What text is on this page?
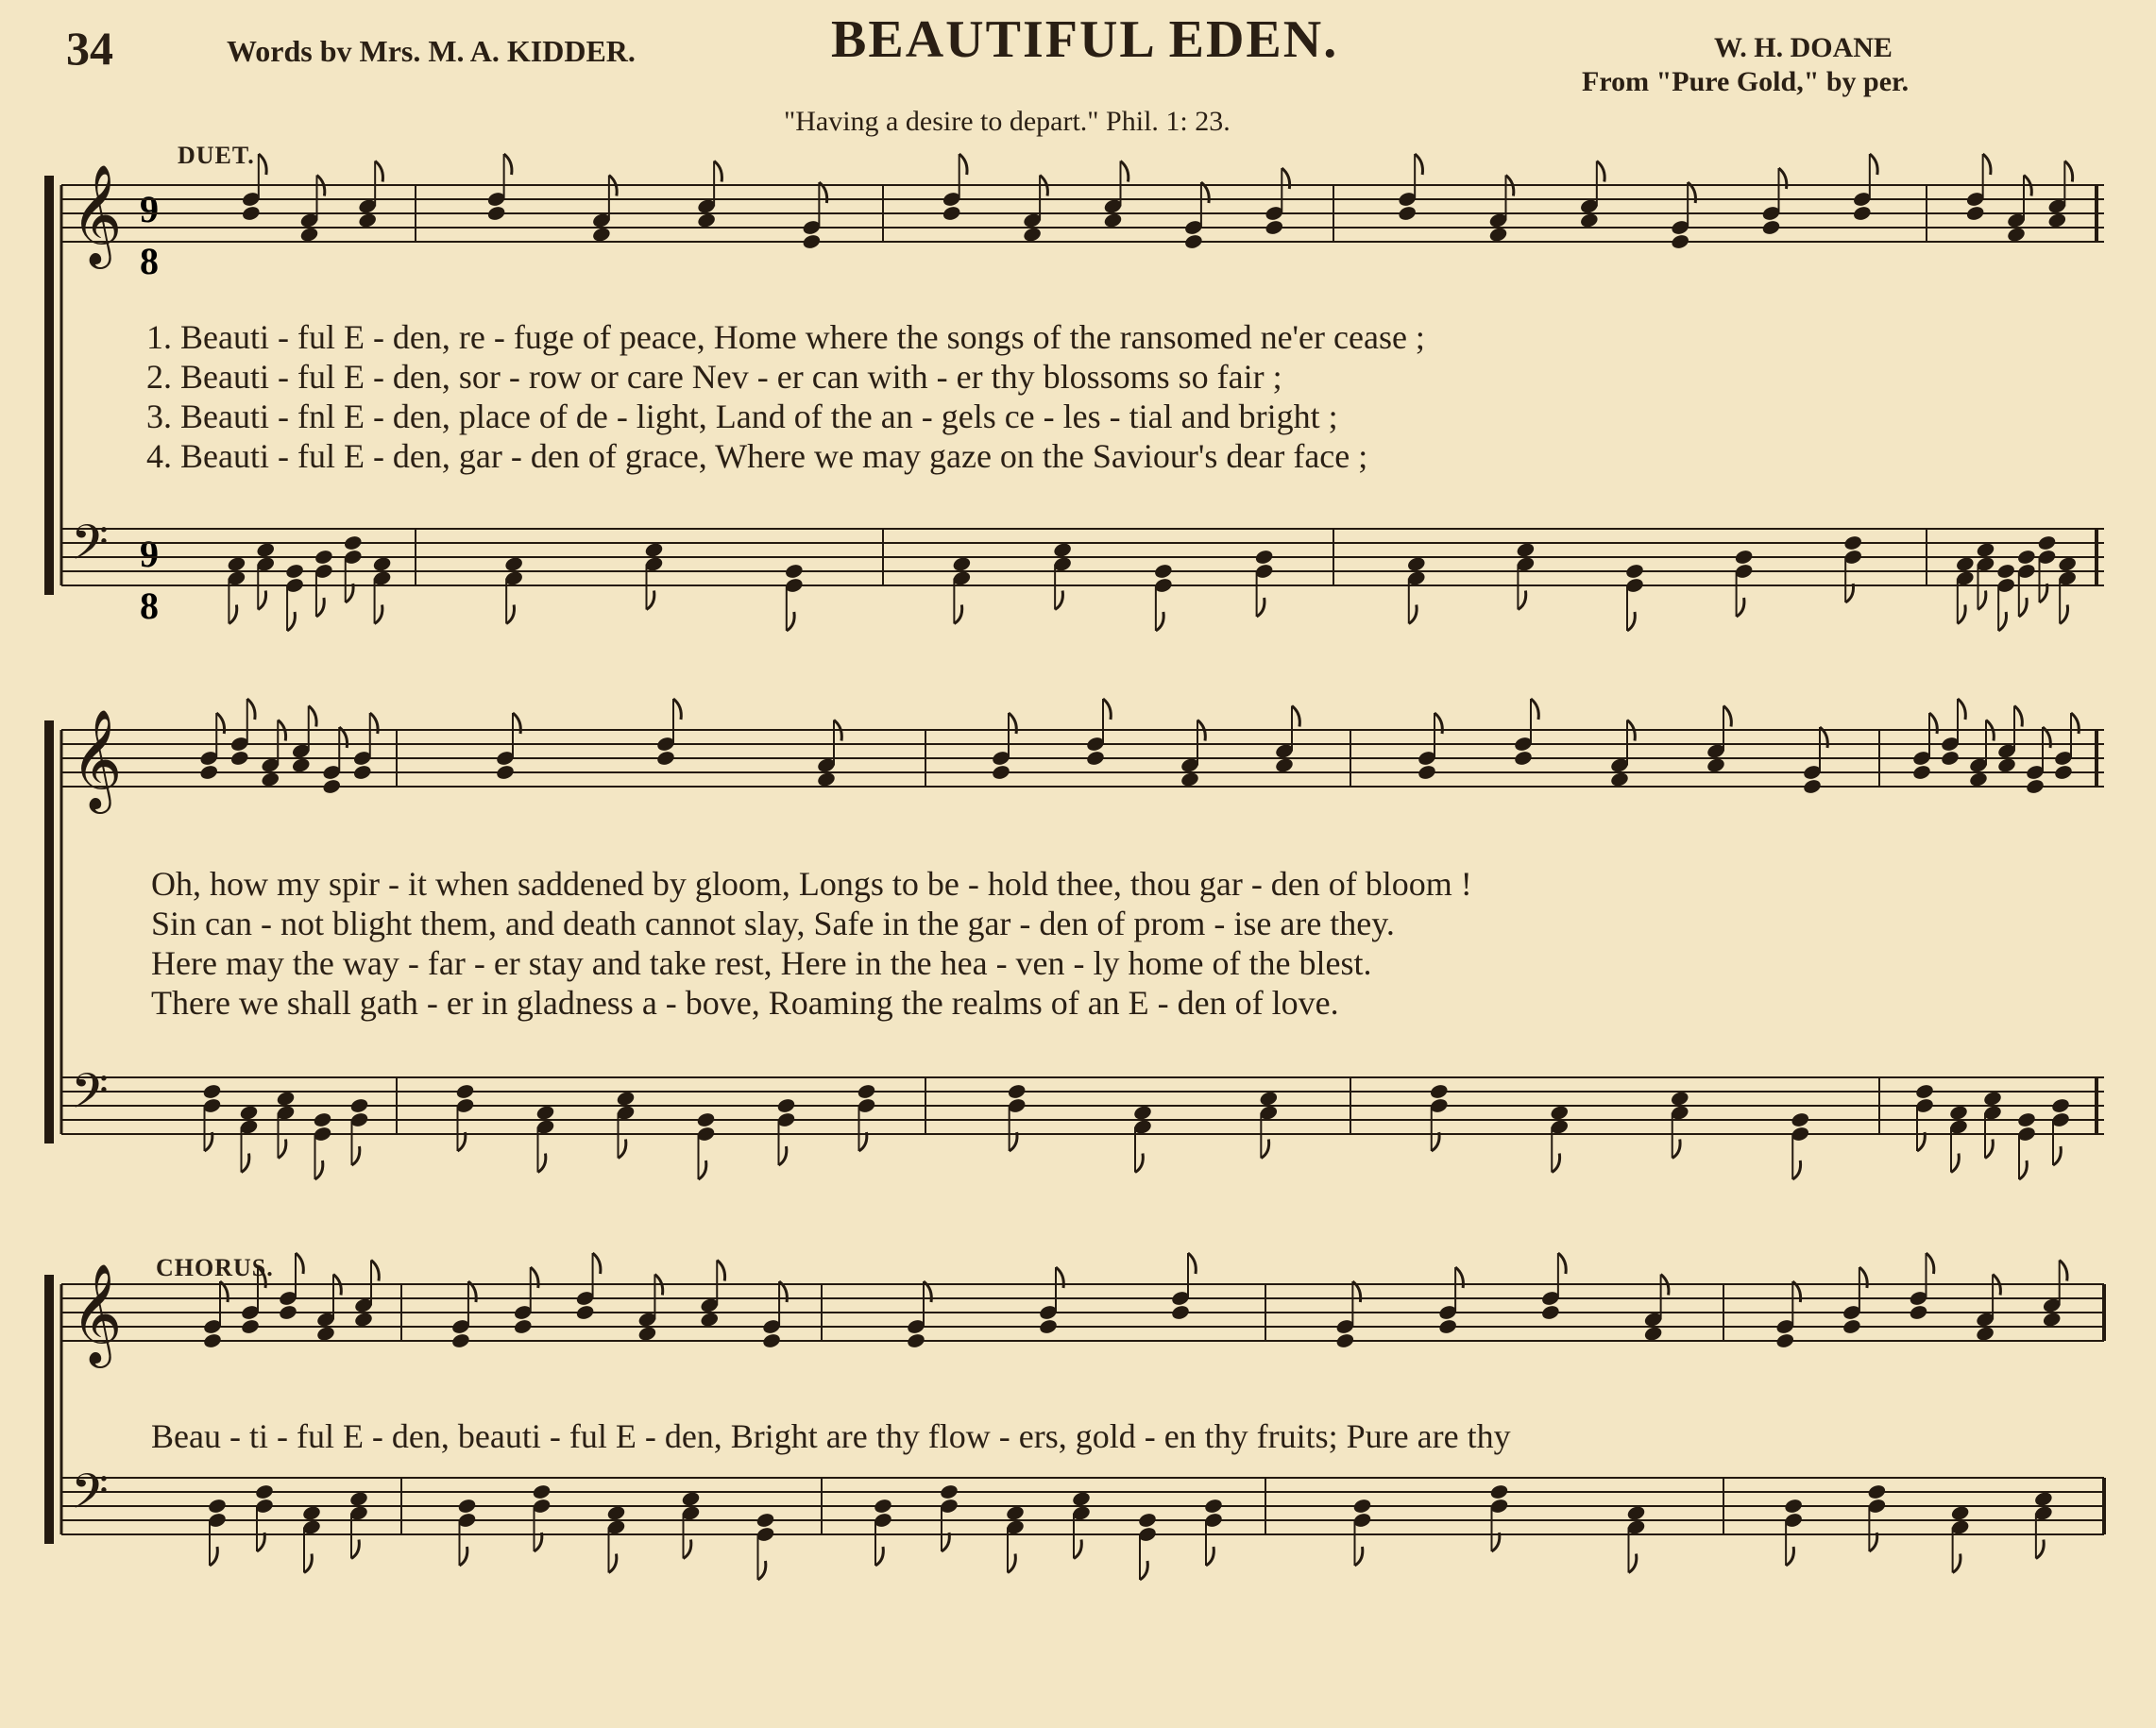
34	Words bv Mrs. M. A. KIDDER.	BEAUTIFUL EDEN.	W. H. DOANE
From "Pure Gold," by per.
"Having a desire to depart." Phil. 1: 23.
DUET.
CHORUS.
1. Beauti - ful E - den, re - fuge of peace, Home where the songs of the ransomed ne'er cease ;
2. Beauti - ful E - den, sor - row or care Nev - er can with - er thy blossoms so fair ;
3. Beauti - fnl E - den, place of de - light, Land of the an - gels ce - les - tial and bright ;
4. Beauti - ful E - den, gar - den of grace, Where we may gaze on the Saviour's dear face ;
Oh, how my spir - it when saddened by gloom, Longs to be - hold thee, thou gar - den of bloom !
Sin can - not blight them, and death cannot slay, Safe in the gar - den of prom - ise are they.
Here may the way - far - er stay and take rest, Here in the hea - ven - ly home of the blest.
There we shall gath - er in gladness a - bove, Roaming the realms of an E - den of love.
Beau - ti - ful E - den, beauti - ful E - den, Bright are thy flow - ers, gold - en thy fruits; Pure are thy
9
8
9
8
𝄞
𝄢
𝄞
𝄢
𝄞
𝄢
